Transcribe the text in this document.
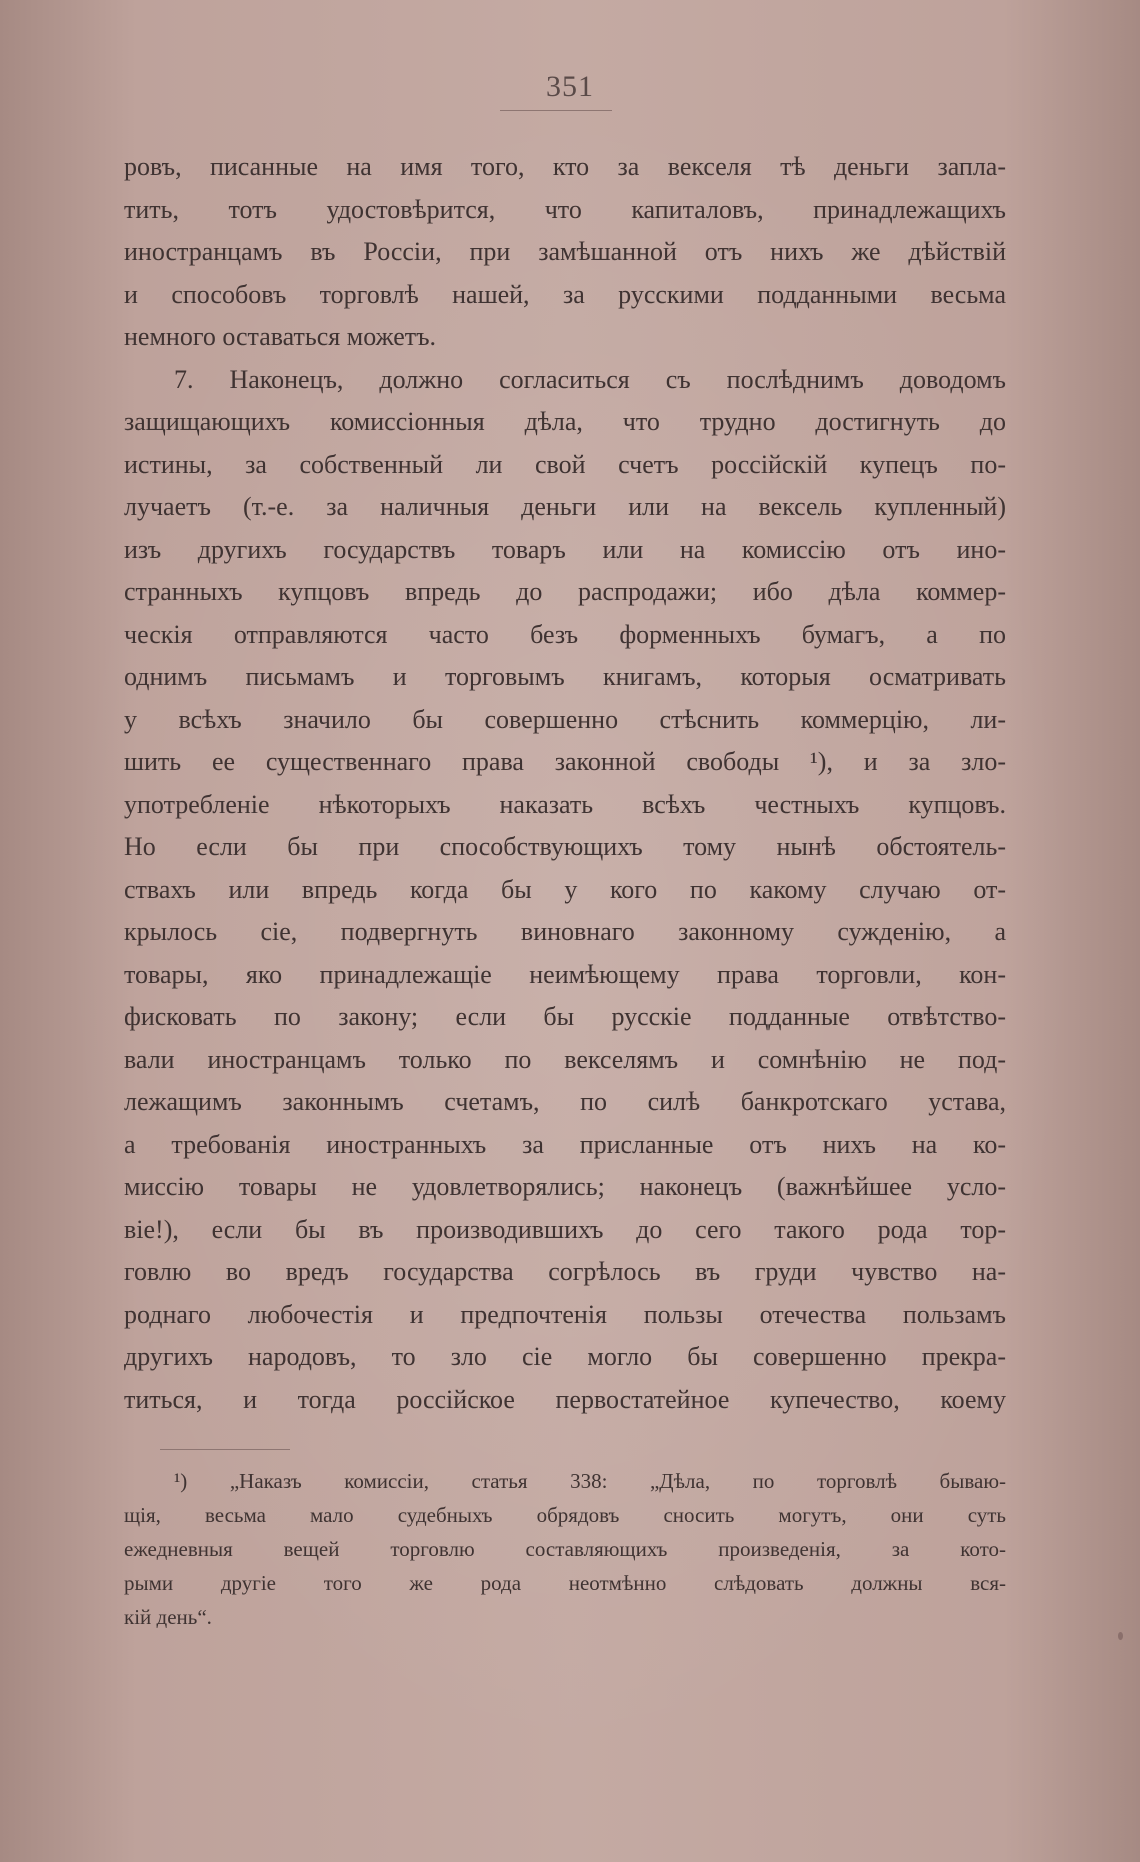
351

ровъ, писанные на имя того, кто за векселя тѣ деньги запла-
тить, тотъ удостовѣрится, что капиталовъ, принадлежащихъ
иностранцамъ въ Россіи, при замѣшанной отъ нихъ же дѣйствій
и способовъ торговлѣ нашей, за русскими подданными весьма
немного оставаться можетъ.

7. Наконецъ, должно согласиться съ послѣднимъ доводомъ
защищающихъ комиссіонныя дѣла, что трудно достигнуть до
истины, за собственный ли свой счетъ россійскій купецъ по-
лучаетъ (т.-е. за наличныя деньги или на вексель купленный)
изъ другихъ государствъ товаръ или на комиссію отъ ино-
странныхъ купцовъ впредь до распродажи; ибо дѣла коммер-
ческія отправляются часто безъ форменныхъ бумагъ, а по
однимъ письмамъ и торговымъ книгамъ, которыя осматривать
у всѣхъ значило бы совершенно стѣснить коммерцію, ли-
шить ее существеннаго права законной свободы ¹), и за зло-
употребленіе нѣкоторыхъ наказать всѣхъ честныхъ купцовъ.
Но если бы при способствующихъ тому нынѣ обстоятель-
ствахъ или впредь когда бы у кого по какому случаю от-
крылось сіе, подвергнуть виновнаго законному сужденію, а
товары, яко принадлежащіе неимѣющему права торговли, кон-
фисковать по закону; если бы русскіе подданные отвѣтство-
вали иностранцамъ только по векселямъ и сомнѣнію не под-
лежащимъ законнымъ счетамъ, по силѣ банкротскаго устава,
а требованія иностранныхъ за присланные отъ нихъ на ко-
миссію товары не удовлетворялись; наконецъ (важнѣйшее усло-
віе!), если бы въ производившихъ до сего такого рода тор-
говлю во вредъ государства согрѣлось въ груди чувство на-
роднаго любочестія и предпочтенія пользы отечества пользамъ
другихъ народовъ, то зло сіе могло бы совершенно прекра-
титься, и тогда россійское первостатейное купечество, коему

¹) „Наказъ комиссіи, статья 338: „Дѣла, по торговлѣ бываю-
щія, весьма мало судебныхъ обрядовъ сносить могутъ, они суть
ежедневныя вещей торговлю составляющихъ произведенія, за кото-
рыми другіе того же рода неотмѣнно слѣдовать должны вся-
кій день“.
